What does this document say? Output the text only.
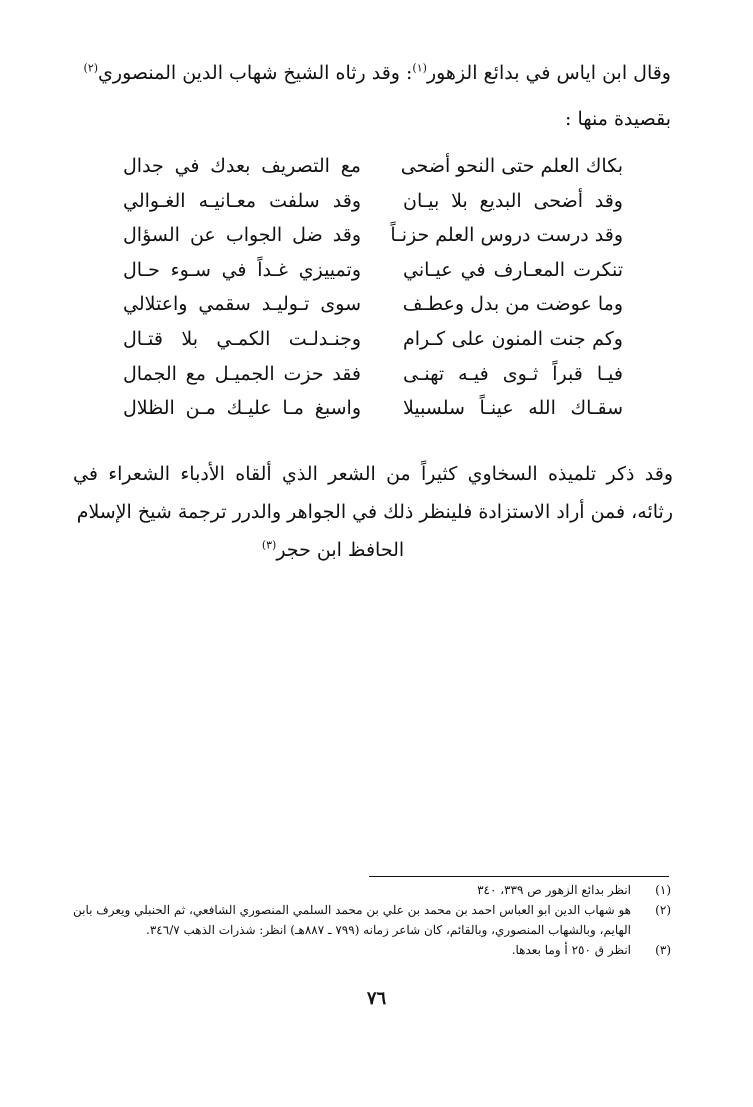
وقال ابن اياس في بدائع الزهور$^{(١)}$: وقد رثاه الشيخ شهاب الدين المنصوري$^{(٢)}$
بقصيدة منها :
بكاك العلم حتى النحو أضحى
مع التصريف بعدك في جدال
وقد أضحى البديع بلا بيـان
وقد سلفت معـانيـه الغـوالي
وقد درست دروس العلم حزنـاً
وقد ضل الجواب عن السؤال
تنكرت المعـارف في عيـاني
وتمييزي غـداً في سـوء حـال
وما عوضت من بدل وعطـف
سوى تـوليـد سقمي واعتلالي
وكم جنت المنون على كـرام
وجنـدلـت الكمـي بلا قتـال
فيـا قبراً ثـوى فيـه تهنـى
فقد حزت الجميـل مع الجمال
سقـاك الله عينـاً سلسبيلا
واسبغ مـا عليـك مـن الظلال
وقد ذكر تلميذه السخاوي كثيراً من الشعر الذي ألقاه الأدباء الشعراء في رثائه، فمن أراد الاستزادة فلينظر ذلك في الجواهر والدرر ترجمة شيخ الإسلام
الحافظ ابن حجر$^{(٣)}$
(١)
انظر بدائع الزهور ص ٣٣٩، ٣٤٠
(٢)
هو شهاب الدين ابو العباس احمد بن محمد بن علي بن محمد السلمي المنصوري الشافعي، ثم الحنبلي ويعرف بابن الهايم، وبالشهاب المنصوري، وبالقائم، كان شاعر زمانه (٧٩٩ ـ ٨٨٧هـ) انظر: شذرات الذهب ٣٤٦/٧.
(٣)
انظر ق ٢٥٠ أ وما بعدها.
٧٦
